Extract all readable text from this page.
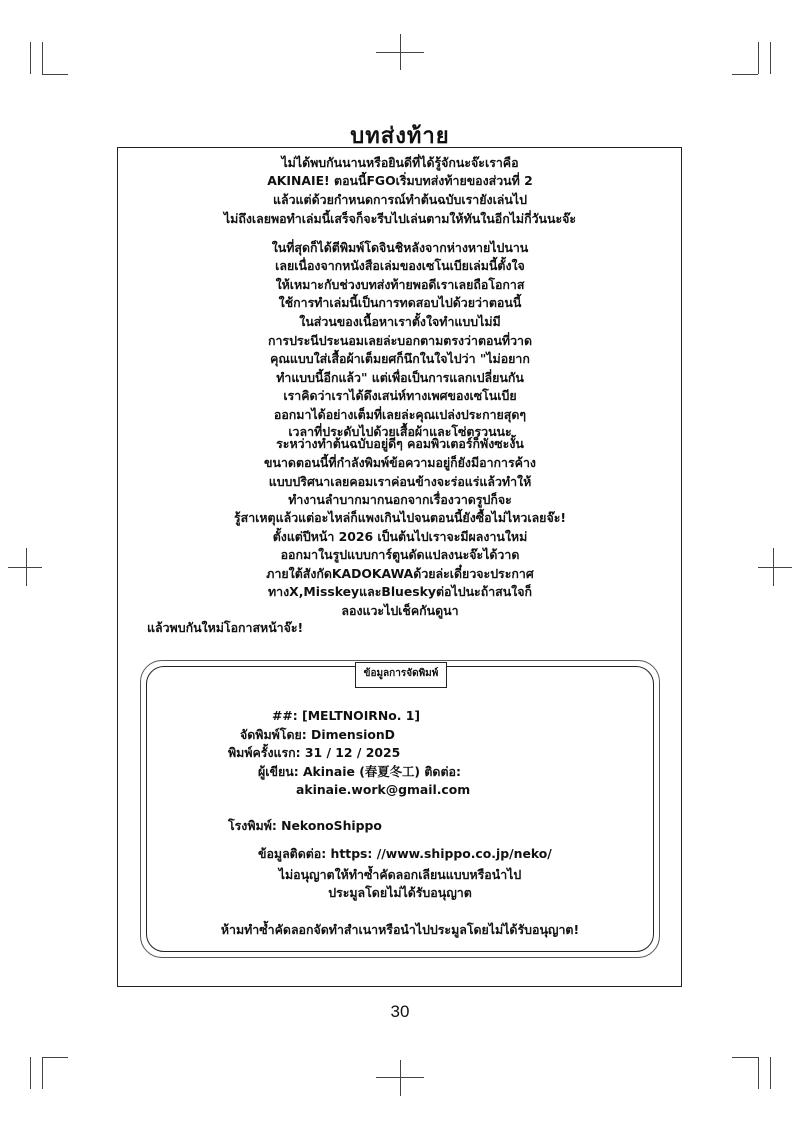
บทส่งท้าย
ไม่ได้พบกันนานหรือยินดีที่ได้รู้จักนะจ๊ะเราคือ
AKINAIE! ตอนนี้FGOเริ่มบทส่งท้ายของส่วนที่ 2
แล้วแต่ด้วยกำหนดการณ์ทำต้นฉบับเรายังเล่นไป
ไม่ถึงเลยพอทำเล่มนี้เสร็จก็จะรีบไปเล่นตามให้ทันในอีกไม่กี่วันนะจ๊ะ
ในที่สุดก็ได้ตีพิมพ์โดจินชิหลังจากห่างหายไปนาน
เลยเนื่องจากหนังสือเล่มของเซโนเบียเล่มนี้ตั้งใจ
ให้เหมาะกับช่วงบทส่งท้ายพอดีเราเลยถือโอกาส
ใช้การทำเล่มนี้เป็นการทดสอบไปด้วยว่าตอนนี้
ในส่วนของเนื้อหาเราตั้งใจทำแบบไม่มี
การประนีประนอมเลยล่ะบอกตามตรงว่าตอนที่วาด
คุณแบบใส่เสื้อผ้าเต็มยศก็นึกในใจไปว่า "ไม่อยาก
ทำแบบนี้อีกแล้ว" แต่เพื่อเป็นการแลกเปลี่ยนกัน
เราคิดว่าเราได้ดึงเสน่ห์ทางเพศของเซโนเบีย
ออกมาได้อย่างเต็มที่เลยล่ะคุณเปล่งประกายสุดๆ
เวลาที่ประดับไปด้วยเสื้อผ้าและโซ่ตรวนนะ
ระหว่างทำต้นฉบับอยู่ดีๆ คอมพิวเตอร์ก็พังซะงั้น
ขนาดตอนนี้ที่กำลังพิมพ์ข้อความอยู่ก็ยังมีอาการค้าง
แบบปริศนาเลยคอมเราค่อนข้างจะร่อแร่แล้วทำให้
ทำงานลำบากมากนอกจากเรื่องวาดรูปก็จะ
รู้สาเหตุแล้วแต่อะไหล่ก็แพงเกินไปจนตอนนี้ยังซื้อไม่ไหวเลยจ๊ะ!
ตั้งแต่ปีหน้า 2026 เป็นต้นไปเราจะมีผลงานใหม่
ออกมาในรูปแบบการ์ตูนดัดแปลงนะจ๊ะได้วาด
ภายใต้สังกัดKADOKAWAด้วยล่ะเดี๋ยวจะประกาศ
ทางX,MisskeyและBlueskyต่อไปนะถ้าสนใจก็
ลองแวะไปเช็คกันดูนา
แล้วพบกันใหม่โอกาสหน้าจ๊ะ!
ข้อมูลการจัดพิมพ์
##: [MELTNOIRNo. 1]
จัดพิมพ์โดย: DimensionD
พิมพ์ครั้งแรก: 31 / 12 / 2025
ผู้เขียน: Akinaie (春夏冬工) ติดต่อ:
akinaie.work@gmail.com
โรงพิมพ์: NekonoShippo
ข้อมูลติดต่อ: https: //www.shippo.co.jp/neko/
ไม่อนุญาตให้ทำซ้ำคัดลอกเลียนแบบหรือนำไป
ประมูลโดยไม่ได้รับอนุญาต
ห้ามทำซ้ำคัดลอกจัดทำสำเนาหรือนำไปประมูลโดยไม่ได้รับอนุญาต!
30
